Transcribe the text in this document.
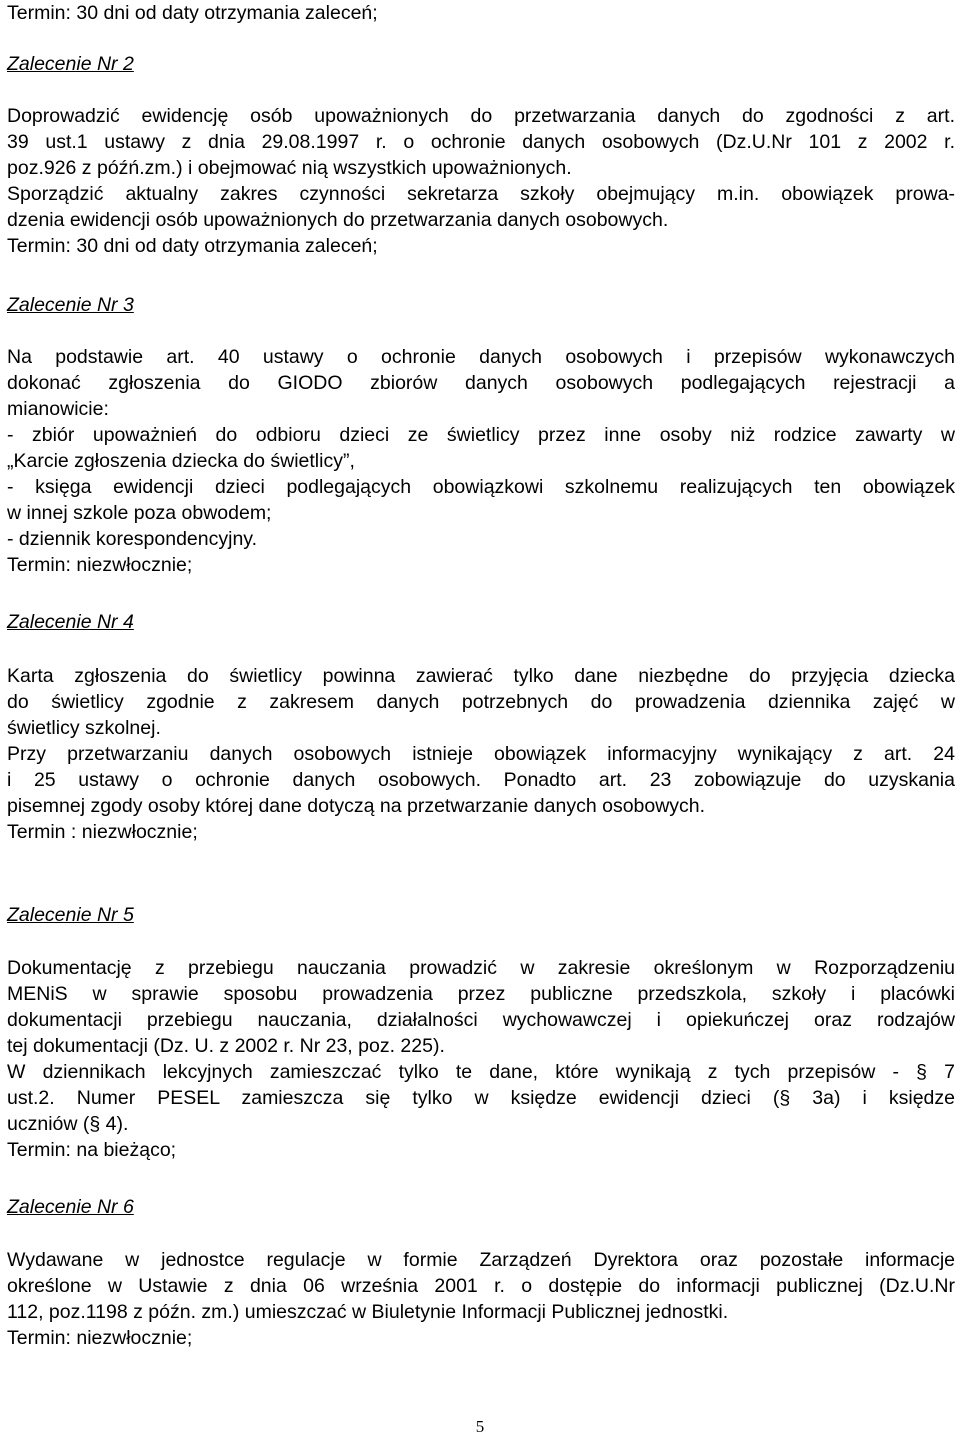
Termin: 30 dni od daty otrzymania zaleceń;

Zalecenie Nr 2

Doprowadzić ewidencję osób upoważnionych do przetwarzania danych do zgodności z art.

39 ust.1 ustawy z dnia 29.08.1997 r. o ochronie danych osobowych (Dz.U.Nr 101 z 2002 r.

poz.926 z późń.zm.) i obejmować nią wszystkich upoważnionych.

Sporządzić aktualny zakres czynności sekretarza szkoły obejmujący m.in. obowiązek prowa-

dzenia ewidencji osób upoważnionych do przetwarzania danych osobowych.

Termin: 30 dni od daty otrzymania zaleceń;

Zalecenie Nr 3

Na podstawie art. 40 ustawy o ochronie danych osobowych i przepisów wykonawczych

dokonać zgłoszenia do GIODO zbiorów danych osobowych podlegających rejestracji a

mianowicie:

- zbiór upoważnień do odbioru dzieci ze świetlicy przez inne osoby niż rodzice zawarty w

„Karcie zgłoszenia dziecka do świetlicy”,

- księga ewidencji dzieci podlegających obowiązkowi szkolnemu realizujących ten obowiązek

w innej szkole poza obwodem;

- dziennik korespondencyjny.

Termin: niezwłocznie;

Zalecenie Nr 4

Karta zgłoszenia do świetlicy powinna zawierać tylko dane niezbędne do przyjęcia dziecka

do świetlicy zgodnie z zakresem danych potrzebnych do prowadzenia dziennika zajęć w

świetlicy szkolnej.

Przy przetwarzaniu danych osobowych istnieje obowiązek informacyjny wynikający z art. 24

i 25 ustawy o ochronie danych osobowych. Ponadto art. 23 zobowiązuje do uzyskania

pisemnej zgody osoby której dane dotyczą na przetwarzanie danych osobowych.

Termin : niezwłocznie;

Zalecenie Nr 5

Dokumentację z przebiegu nauczania prowadzić w zakresie określonym w Rozporządzeniu

MENiS w sprawie sposobu prowadzenia przez publiczne przedszkola, szkoły i placówki

dokumentacji przebiegu nauczania, działalności wychowawczej i opiekuńczej oraz rodzajów

tej dokumentacji (Dz. U. z 2002 r. Nr 23, poz. 225).

W dziennikach lekcyjnych zamieszczać tylko te dane, które wynikają z tych przepisów - § 7

ust.2. Numer PESEL zamieszcza się tylko w księdze ewidencji dzieci (§ 3a) i księdze

uczniów (§ 4).

Termin: na bieżąco;

Zalecenie Nr 6

Wydawane w jednostce regulacje w formie Zarządzeń Dyrektora oraz pozostałe informacje

określone w Ustawie z dnia 06 września 2001 r. o dostępie do informacji publicznej (Dz.U.Nr

112, poz.1198 z późn. zm.) umieszczać w Biuletynie Informacji Publicznej jednostki.

Termin: niezwłocznie;

5
